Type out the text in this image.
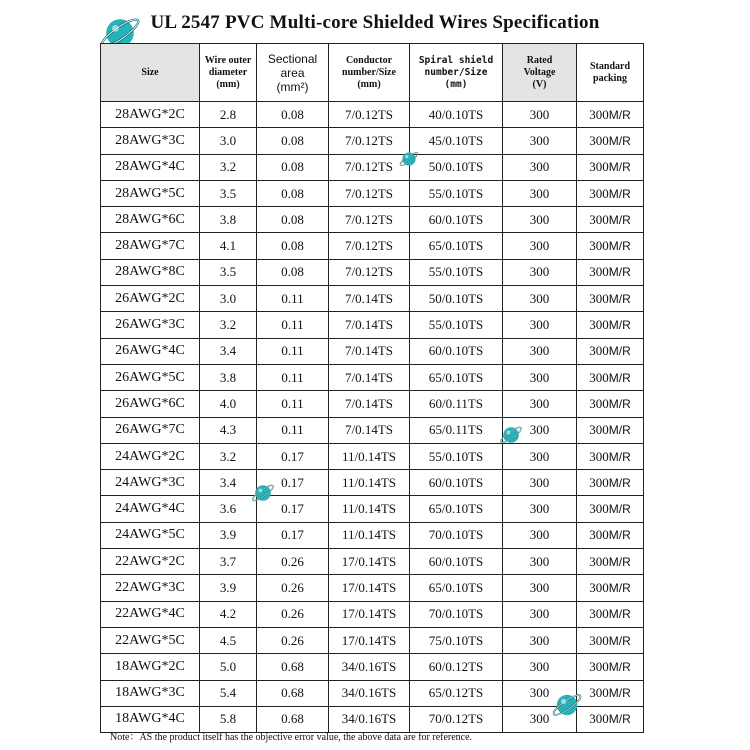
UL 2547 PVC Multi-core Shielded Wires Specification
Size	Wire outer
diameter
(mm)	Sectional
area
(mm²)	Conductor
number/Size
(mm)	Spiral shield
number/Size
(mm)	Rated
Voltage
(V)	Standard
packing
28AWG*2C	2.8	0.08	7/0.12TS	40/0.10TS	300	300M/R
28AWG*3C	3.0	0.08	7/0.12TS	45/0.10TS	300	300M/R
28AWG*4C	3.2	0.08	7/0.12TS	50/0.10TS	300	300M/R
28AWG*5C	3.5	0.08	7/0.12TS	55/0.10TS	300	300M/R
28AWG*6C	3.8	0.08	7/0.12TS	60/0.10TS	300	300M/R
28AWG*7C	4.1	0.08	7/0.12TS	65/0.10TS	300	300M/R
28AWG*8C	3.5	0.08	7/0.12TS	55/0.10TS	300	300M/R
26AWG*2C	3.0	0.11	7/0.14TS	50/0.10TS	300	300M/R
26AWG*3C	3.2	0.11	7/0.14TS	55/0.10TS	300	300M/R
26AWG*4C	3.4	0.11	7/0.14TS	60/0.10TS	300	300M/R
26AWG*5C	3.8	0.11	7/0.14TS	65/0.10TS	300	300M/R
26AWG*6C	4.0	0.11	7/0.14TS	60/0.11TS	300	300M/R
26AWG*7C	4.3	0.11	7/0.14TS	65/0.11TS	300	300M/R
24AWG*2C	3.2	0.17	11/0.14TS	55/0.10TS	300	300M/R
24AWG*3C	3.4	0.17	11/0.14TS	60/0.10TS	300	300M/R
24AWG*4C	3.6	0.17	11/0.14TS	65/0.10TS	300	300M/R
24AWG*5C	3.9	0.17	11/0.14TS	70/0.10TS	300	300M/R
22AWG*2C	3.7	0.26	17/0.14TS	60/0.10TS	300	300M/R
22AWG*3C	3.9	0.26	17/0.14TS	65/0.10TS	300	300M/R
22AWG*4C	4.2	0.26	17/0.14TS	70/0.10TS	300	300M/R
22AWG*5C	4.5	0.26	17/0.14TS	75/0.10TS	300	300M/R
18AWG*2C	5.0	0.68	34/0.16TS	60/0.12TS	300	300M/R
18AWG*3C	5.4	0.68	34/0.16TS	65/0.12TS	300	300M/R
18AWG*4C	5.8	0.68	34/0.16TS	70/0.12TS	300	300M/R
Note：AS the product itself has the objective error value, the above data are for reference.
